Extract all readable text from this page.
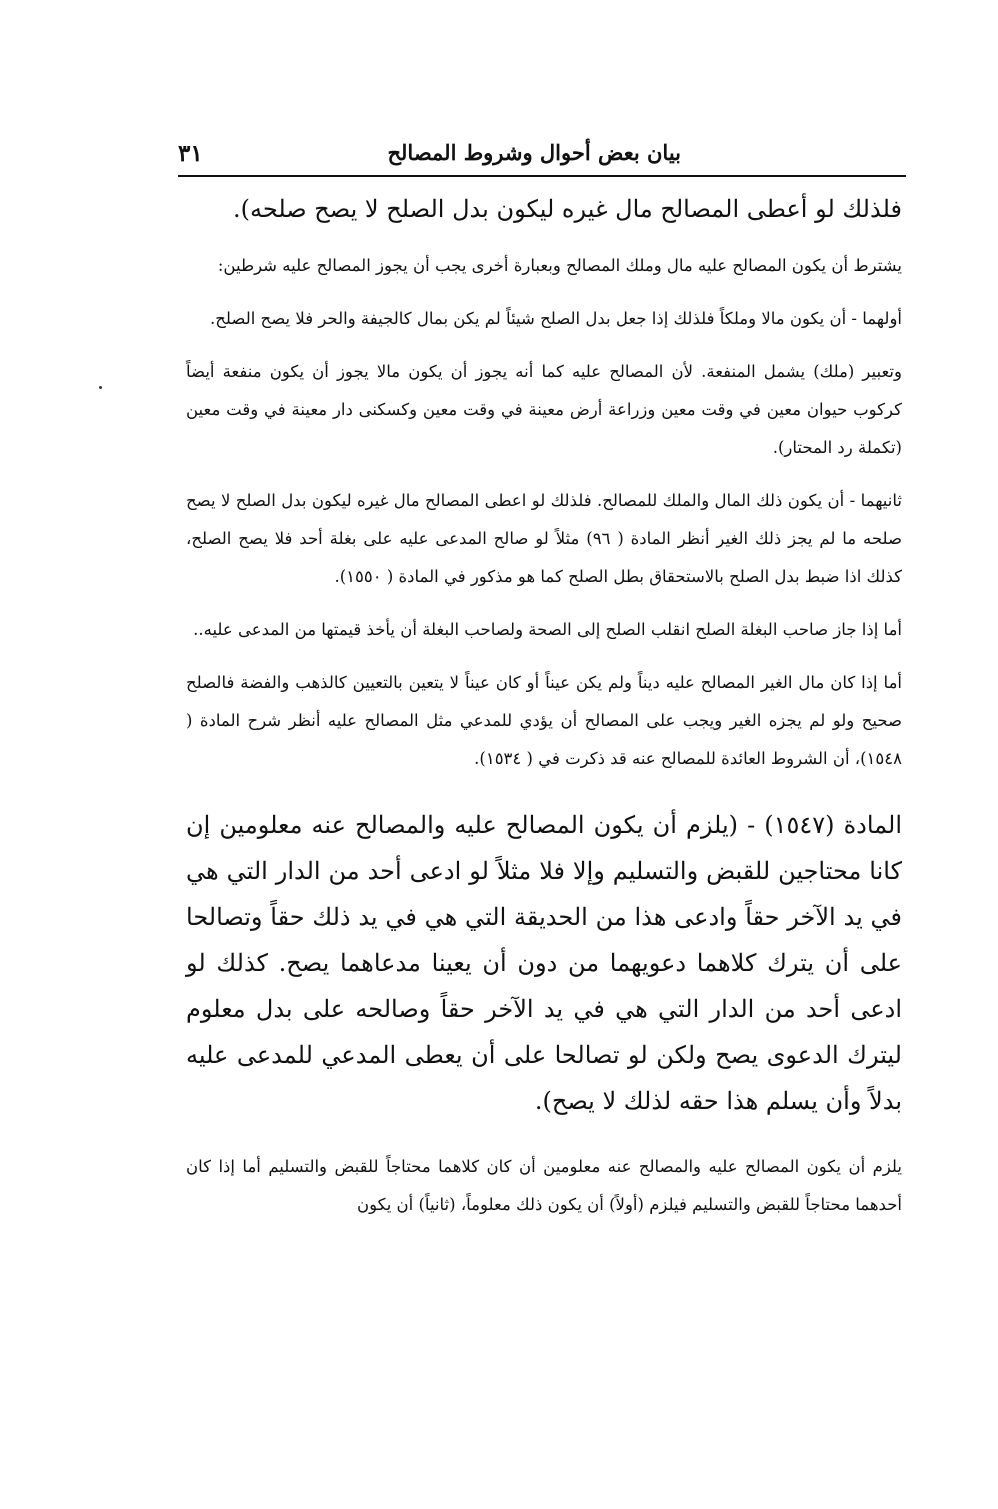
بيان بعض أحوال وشروط المصالح
٣١

فلذلك لو أعطى المصالح مال غيره ليكون بدل الصلح لا يصح صلحه).

يشترط أن يكون المصالح عليه مال وملك المصالح وبعبارة أخرى يجب أن يجوز المصالح عليه شرطين:

أولهما - أن يكون مالا وملكاً فلذلك إذا جعل بدل الصلح شيئاً لم يكن بمال كالجيفة والحر فلا يصح الصلح.

وتعبير (ملك) يشمل المنفعة. لأن المصالح عليه كما أنه يجوز أن يكون مالا يجوز أن يكون منفعة أيضاً كركوب حيوان معين في وقت معين وزراعة أرض معينة في وقت معين وكسكنى دار معينة في وقت معين (تكملة رد المحتار).

ثانيهما - أن يكون ذلك المال والملك للمصالح. فلذلك لو اعطى المصالح مال غيره ليكون بدل الصلح لا يصح صلحه ما لم يجز ذلك الغير أنظر المادة ( ٩٦) مثلاً لو صالح المدعى عليه على بغلة أحد فلا يصح الصلح، كذلك اذا ضبط بدل الصلح بالاستحقاق بطل الصلح كما هو مذكور في المادة ( ١٥٥٠).

أما إذا جاز صاحب البغلة الصلح انقلب الصلح إلى الصحة ولصاحب البغلة أن يأخذ قيمتها من المدعى عليه..

أما إذا كان مال الغير المصالح عليه ديناً ولم يكن عيناً أو كان عيناً لا يتعين بالتعيين كالذهب والفضة فالصلح صحيح ولو لم يجزه الغير ويجب على المصالح أن يؤدي للمدعي مثل المصالح عليه أنظر شرح المادة ( ١٥٤٨)، أن الشروط العائدة للمصالح عنه قد ذكرت في ( ١٥٣٤).

المادة (١٥٤٧) - (يلزم أن يكون المصالح عليه والمصالح عنه معلومين إن كانا محتاجين للقبض والتسليم وإلا فلا مثلاً لو ادعى أحد من الدار التي هي في يد الآخر حقاً وادعى هذا من الحديقة التي هي في يد ذلك حقاً وتصالحا على أن يترك كلاهما دعويهما من دون أن يعينا مدعاهما يصح. كذلك لو ادعى أحد من الدار التي هي في يد الآخر حقاً وصالحه على بدل معلوم ليترك الدعوى يصح ولكن لو تصالحا على أن يعطى المدعي للمدعى عليه بدلاً وأن يسلم هذا حقه لذلك لا يصح).

يلزم أن يكون المصالح عليه والمصالح عنه معلومين أن كان كلاهما محتاجاً للقبض والتسليم أما إذا كان أحدهما محتاجاً للقبض والتسليم فيلزم (أولاً) أن يكون ذلك معلوماً، (ثانياً) أن يكون
